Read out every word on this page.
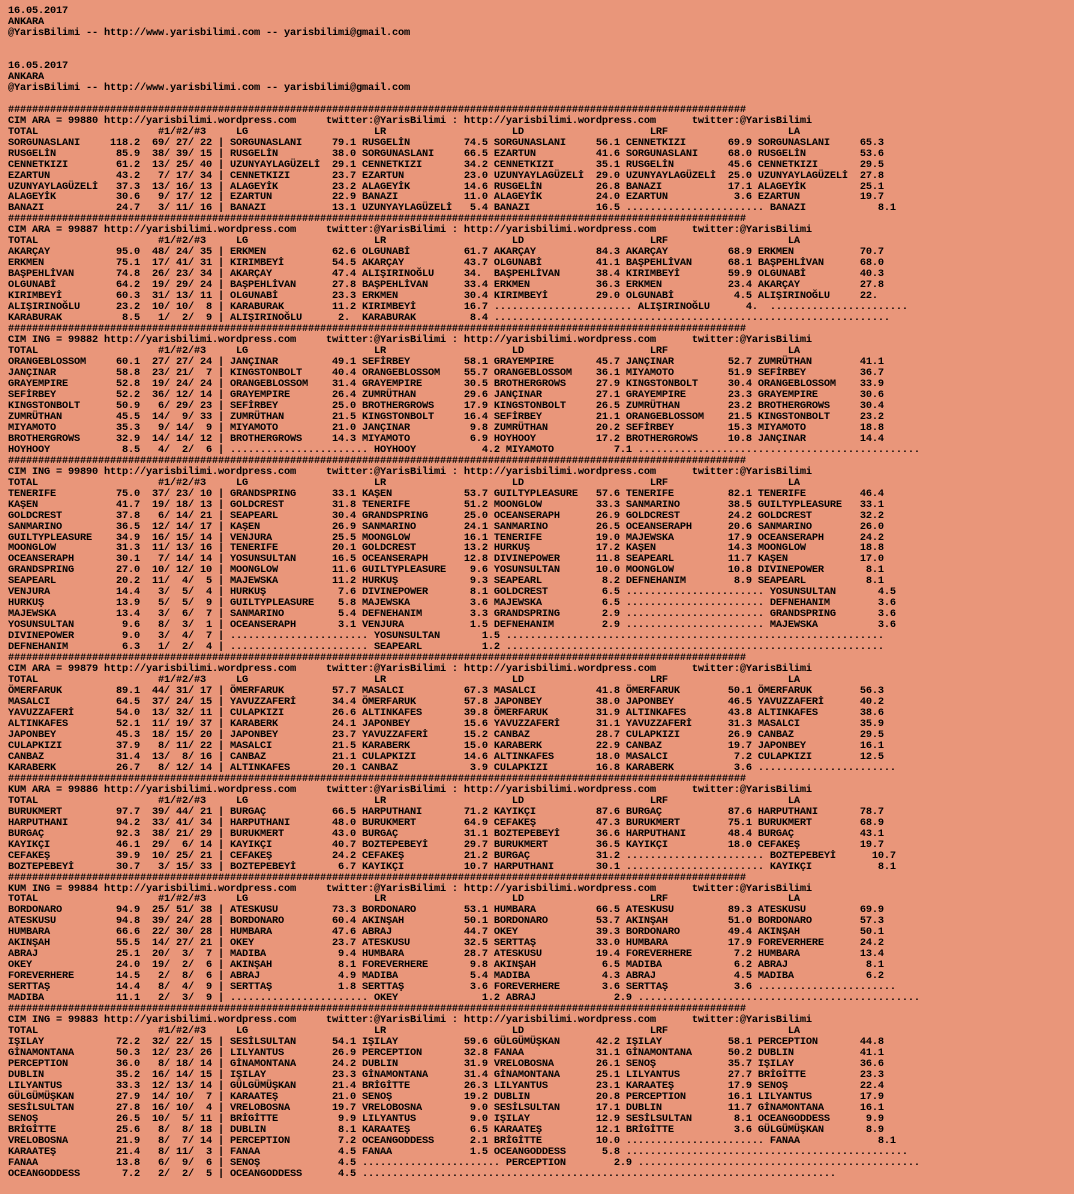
16.05.2017
ANKARA
@YarisBilimi -- http://www.yarisbilimi.com -- yarisbilimi@gmail.com

16.05.2017
ANKARA
@YarisBilimi -- http://www.yarisbilimi.com -- yarisbilimi@gmail.com

###########################################################################################################################
CIM ARA = 99880 http://yarisbilimi.wordpress.com     twitter:@YarisBilimi : http://yarisbilimi.wordpress.com      twitter:@YarisBilimi
TOTAL                    #1/#2/#3     LG                     LR                     LD                     LRF                    LA
SORGUNASLANI     118.2  69/ 27/ 22 | SORGUNASLANI     79.1 RUSGELİN         74.5 SORGUNASLANI     56.1 CENNETKIZI       69.9 SORGUNASLANI     65.3
RUSGELİN          85.9  38/ 39/ 15 | RUSGELİN         38.0 SORGUNASLANI     66.5 EZARTUN          41.6 SORGUNASLANI     68.0 RUSGELİN         53.6
CENNETKIZI        61.2  13/ 25/ 40 | UZUNYAYLAGÜZELİ  29.1 CENNETKIZI       34.2 CENNETKIZI       35.1 RUSGELİN         45.6 CENNETKIZI       29.5
EZARTUN           43.2   7/ 17/ 34 | CENNETKIZI       23.7 EZARTUN          23.0 UZUNYAYLAGÜZELİ  29.0 UZUNYAYLAGÜZELİ  25.0 UZUNYAYLAGÜZELİ  27.8
UZUNYAYLAGÜZELİ   37.3  13/ 16/ 13 | ALAGEYİK         23.2 ALAGEYİK         14.6 RUSGELİN         26.8 BANAZI           17.1 ALAGEYİK         25.1
ALAGEYİK          30.6   9/ 17/ 12 | EZARTUN          22.9 BANAZI           11.0 ALAGEYİK         24.0 EZARTUN           3.6 EZARTUN          19.7
BANAZI            24.7   3/ 11/ 16 | BANAZI           13.1 UZUNYAYLAGÜZELİ   5.4 BANAZI           16.5 ....................... BANAZI            8.1
###########################################################################################################################
CIM ARA = 99887 http://yarisbilimi.wordpress.com     twitter:@YarisBilimi : http://yarisbilimi.wordpress.com      twitter:@YarisBilimi
TOTAL                    #1/#2/#3     LG                     LR                     LD                     LRF                    LA
AKARÇAY           95.0  48/ 24/ 35 | ERKMEN           62.6 OLGUNABİ         61.7 AKARÇAY          84.3 AKARÇAY          68.9 ERKMEN           70.7
ERKMEN            75.1  17/ 41/ 31 | KIRIMBEYİ        54.5 AKARÇAY          43.7 OLGUNABİ         41.1 BAŞPEHLİVAN      68.1 BAŞPEHLİVAN      68.0
BAŞPEHLİVAN       74.8  26/ 23/ 34 | AKARÇAY          47.4 ALIŞIRINOĞLU     34.  BAŞPEHLİVAN      38.4 KIRIMBEYİ        59.9 OLGUNABİ         40.3
OLGUNABİ          64.2  19/ 29/ 24 | BAŞPEHLİVAN      27.8 BAŞPEHLİVAN      33.4 ERKMEN           36.3 ERKMEN           23.4 AKARÇAY          27.8
KIRIMBEYİ         60.3  31/ 13/ 11 | OLGUNABİ         23.3 ERKMEN           30.4 KIRIMBEYİ        29.0 OLGUNABİ          4.5 ALIŞIRINOĞLU     22.
ALIŞIRINOĞLU      23.2  10/ 10/  8 | KARABURAK        11.2 KIRIMBEYİ        16.7 ....................... ALIŞIRINOĞLU      4.  .......................
KARABURAK          8.5   1/  2/  9 | ALIŞIRINOĞLU      2.  KARABURAK         8.4 ..................................................................
###########################################################################################################################
CIM ING = 99882 http://yarisbilimi.wordpress.com     twitter:@YarisBilimi : http://yarisbilimi.wordpress.com      twitter:@YarisBilimi
TOTAL                    #1/#2/#3     LG                     LR                     LD                     LRF                    LA
ORANGEBLOSSOM     60.1  27/ 27/ 24 | JANÇINAR         49.1 SEFİRBEY         58.1 GRAYEMPIRE       45.7 JANÇINAR         52.7 ZUMRÜTHAN        41.1
JANÇINAR          58.8  23/ 21/  7 | KINGSTONBOLT     40.4 ORANGEBLOSSOM    55.7 ORANGEBLOSSOM    36.1 MIYAMOTO         51.9 SEFİRBEY         36.7
GRAYEMPIRE        52.8  19/ 24/ 24 | ORANGEBLOSSOM    31.4 GRAYEMPIRE       30.5 BROTHERGROWS     27.9 KINGSTONBOLT     30.4 ORANGEBLOSSOM    33.9
SEFİRBEY          52.2  36/ 12/ 14 | GRAYEMPIRE       26.4 ZUMRÜTHAN        29.6 JANÇINAR         27.1 GRAYEMPIRE       23.3 GRAYEMPIRE       30.6
KINGSTONBOLT      50.9   6/ 29/ 23 | SEFİRBEY         25.0 BROTHERGROWS     17.9 KINGSTONBOLT     26.5 ZUMRÜTHAN        23.2 BROTHERGROWS     30.4
ZUMRÜTHAN         45.5  14/  9/ 33 | ZUMRÜTHAN        21.5 KINGSTONBOLT     16.4 SEFİRBEY         21.1 ORANGEBLOSSOM    21.5 KINGSTONBOLT     23.2
MIYAMOTO          35.3   9/ 14/  9 | MIYAMOTO         21.0 JANÇINAR          9.8 ZUMRÜTHAN        20.2 SEFİRBEY         15.3 MIYAMOTO         18.8
BROTHERGROWS      32.9  14/ 14/ 12 | BROTHERGROWS     14.3 MIYAMOTO          6.9 HOYHOOY          17.2 BROTHERGROWS     10.8 JANÇINAR         14.4
HOYHOOY            8.5   4/  2/  6 | ....................... HOYHOOY           4.2 MIYAMOTO          7.1 ...............................................
###########################################################################################################################
CIM ING = 99890 http://yarisbilimi.wordpress.com     twitter:@YarisBilimi : http://yarisbilimi.wordpress.com      twitter:@YarisBilimi
TOTAL                    #1/#2/#3     LG                     LR                     LD                     LRF                    LA
TENERIFE          75.0  37/ 23/ 10 | GRANDSPRING      33.1 KAŞEN            53.7 GUILTYPLEASURE   57.6 TENERIFE         82.1 TENERIFE         46.4
KAŞEN             41.7  19/ 18/ 13 | GOLDCREST        31.8 TENERIFE         51.2 MOONGLOW         33.3 SANMARINO        38.5 GUILTYPLEASURE   33.1
GOLDCREST         37.8   6/ 14/ 21 | SEAPEARL         30.4 GRANDSPRING      25.0 OCEANSERAPH      26.9 GOLDCREST        24.2 GOLDCREST        32.2
SANMARINO         36.5  12/ 14/ 17 | KAŞEN            26.9 SANMARINO        24.1 SANMARINO        26.5 OCEANSERAPH      20.6 SANMARINO        26.0
GUILTYPLEASURE    34.9  16/ 15/ 14 | VENJURA          25.5 MOONGLOW         16.1 TENERIFE         19.0 MAJEWSKA         17.9 OCEANSERAPH      24.2
MOONGLOW          31.3  11/ 13/ 16 | TENERIFE         20.1 GOLDCREST        13.2 HURKUŞ           17.2 KAŞEN            14.3 MOONGLOW         18.8
OCEANSERAPH       30.1   7/ 14/ 14 | YOSUNSULTAN      16.5 OCEANSERAPH      12.8 DIVINEPOWER      11.8 SEAPEARL         11.7 KAŞEN            17.0
GRANDSPRING       27.0  10/ 12/ 10 | MOONGLOW         11.6 GUILTYPLEASURE    9.6 YOSUNSULTAN      10.0 MOONGLOW         10.8 DIVINEPOWER       8.1
SEAPEARL          20.2  11/  4/  5 | MAJEWSKA         11.2 HURKUŞ            9.3 SEAPEARL          8.2 DEFNEHANIM        8.9 SEAPEARL          8.1
VENJURA           14.4   3/  5/  4 | HURKUŞ            7.6 DIVINEPOWER       8.1 GOLDCREST         6.5 ....................... YOSUNSULTAN       4.5
HURKUŞ            13.9   5/  5/  9 | GUILTYPLEASURE    5.8 MAJEWSKA          3.6 MAJEWSKA          6.5 ....................... DEFNEHANIM        3.6
MAJEWSKA          13.4   3/  6/  7 | SANMARINO         5.4 DEFNEHANIM        3.3 GRANDSPRING       2.9 ....................... GRANDSPRING       3.6
YOSUNSULTAN        9.6   8/  3/  1 | OCEANSERAPH       3.1 VENJURA           1.5 DEFNEHANIM        2.9 ....................... MAJEWSKA          3.6
DIVINEPOWER        9.0   3/  4/  7 | ....................... YOSUNSULTAN       1.5 ...............................................................
DEFNEHANIM         6.3   1/  2/  4 | ....................... SEAPEARL          1.2 ...............................................................
###########################################################################################################################
CIM ARA = 99879 http://yarisbilimi.wordpress.com     twitter:@YarisBilimi : http://yarisbilimi.wordpress.com      twitter:@YarisBilimi
TOTAL                    #1/#2/#3     LG                     LR                     LD                     LRF                    LA
ÖMERFARUK         89.1  44/ 31/ 17 | ÖMERFARUK        57.7 MASALCI          67.3 MASALCI          41.8 ÖMERFARUK        50.1 ÖMERFARUK        56.3
MASALCI           64.5  37/ 24/ 15 | YAVUZZAFERİ      34.4 ÖMERFARUK        57.8 JAPONBEY         38.0 JAPONBEY         46.5 YAVUZZAFERİ      40.2
YAVUZZAFERİ       54.0  13/ 32/ 11 | CULAPKIZI        26.6 ALTINKAFES       39.8 ÖMERFARUK        31.9 ALTINKAFES       43.8 ALTINKAFES       38.6
ALTINKAFES        52.1  11/ 19/ 37 | KARABERK         24.1 JAPONBEY         15.6 YAVUZZAFERİ      31.1 YAVUZZAFERİ      31.3 MASALCI          35.9
JAPONBEY          45.3  18/ 15/ 20 | JAPONBEY         23.7 YAVUZZAFERİ      15.2 CANBAZ           28.7 CULAPKIZI        26.9 CANBAZ           29.5
CULAPKIZI         37.9   8/ 11/ 22 | MASALCI          21.5 KARABERK         15.0 KARABERK         22.9 CANBAZ           19.7 JAPONBEY         16.1
CANBAZ            31.4  13/  8/ 16 | CANBAZ           21.1 CULAPKIZI        14.6 ALTINKAFES       18.0 MASALCI           7.2 CULAPKIZI        12.5
KARABERK          26.7   8/ 12/ 14 | ALTINKAFES       20.1 CANBAZ            3.9 CULAPKIZI        16.8 KARABERK          3.6 .......................
###########################################################################################################################
KUM ARA = 99886 http://yarisbilimi.wordpress.com     twitter:@YarisBilimi : http://yarisbilimi.wordpress.com      twitter:@YarisBilimi
TOTAL                    #1/#2/#3     LG                     LR                     LD                     LRF                    LA
BURUKMERT         97.7  39/ 44/ 21 | BURGAÇ           66.5 HARPUTHANI       71.2 KAYIKÇI          87.6 BURGAÇ           87.6 HARPUTHANI       78.7
HARPUTHANI        94.2  33/ 41/ 34 | HARPUTHANI       48.0 BURUKMERT        64.9 CEFAKEŞ          47.3 BURUKMERT        75.1 BURUKMERT        68.9
BURGAÇ            92.3  38/ 21/ 29 | BURUKMERT        43.0 BURGAÇ           31.1 BOZTEPEBEYİ      36.6 HARPUTHANI       48.4 BURGAÇ           43.1
KAYIKÇI           46.1  29/  6/ 14 | KAYIKÇI          40.7 BOZTEPEBEYİ      29.7 BURUKMERT        36.5 KAYIKÇI          18.0 CEFAKEŞ          19.7
CEFAKEŞ           39.9  10/ 25/ 21 | CEFAKEŞ          24.2 CEFAKEŞ          21.2 BURGAÇ           31.2 ....................... BOZTEPEBEYİ      10.7
BOZTEPEBEYİ       30.7   3/ 15/ 33 | BOZTEPEBEYİ       6.7 KAYIKÇI          10.7 HARPUTHANI       30.1 ....................... KAYIKÇI           8.1
###########################################################################################################################
KUM ING = 99884 http://yarisbilimi.wordpress.com     twitter:@YarisBilimi : http://yarisbilimi.wordpress.com      twitter:@YarisBilimi
TOTAL                    #1/#2/#3     LG                     LR                     LD                     LRF                    LA
BORDONARO         94.9  25/ 51/ 38 | ATESKUSU         73.3 BORDONARO        53.1 HUMBARA          66.5 ATESKUSU         89.3 ATESKUSU         69.9
ATESKUSU          94.8  39/ 24/ 28 | BORDONARO        60.4 AKINŞAH          50.1 BORDONARO        53.7 AKINŞAH          51.0 BORDONARO        57.3
HUMBARA           66.6  22/ 30/ 28 | HUMBARA          47.6 ABRAJ            44.7 OKEY             39.3 BORDONARO        49.4 AKINŞAH          50.1
AKINŞAH           55.5  14/ 27/ 21 | OKEY             23.7 ATESKUSU         32.5 SERTTAŞ          33.0 HUMBARA          17.9 FOREVERHERE      24.2
ABRAJ             25.1  20/  3/  7 | MADIBA            9.4 HUMBARA          28.7 ATESKUSU         19.4 FOREVERHERE       7.2 HUMBARA          13.4
OKEY              24.0  19/  2/  6 | AKINŞAH           8.1 FOREVERHERE       9.8 AKINŞAH           6.5 MADIBA            6.2 ABRAJ             8.1
FOREVERHERE       14.5   2/  8/  6 | ABRAJ             4.9 MADIBA            5.4 MADIBA            4.3 ABRAJ             4.5 MADIBA            6.2
SERTTAŞ           14.4   8/  4/  9 | SERTTAŞ           1.8 SERTTAŞ           3.6 FOREVERHERE       3.6 SERTTAŞ           3.6 .......................
MADIBA            11.1   2/  3/  9 | ....................... OKEY              1.2 ABRAJ             2.9 ...............................................
###########################################################################################################################
CIM ING = 99883 http://yarisbilimi.wordpress.com     twitter:@YarisBilimi : http://yarisbilimi.wordpress.com      twitter:@YarisBilimi
TOTAL                    #1/#2/#3     LG                     LR                     LD                     LRF                    LA
IŞILAY            72.2  32/ 22/ 15 | SESİLSULTAN      54.1 IŞILAY           59.6 GÜLGÜMÜŞKAN      42.2 IŞILAY           58.1 PERCEPTION       44.8
GİNAMONTANA       50.3  12/ 23/ 26 | LILYANTUS        26.9 PERCEPTION       32.8 FANAA            31.1 GİNAMONTANA      50.2 DUBLIN           41.1
PERCEPTION        36.0   8/ 18/ 14 | GİNAMONTANA      24.2 DUBLIN           31.9 VRELOBOSNA       26.1 SENOŞ            35.7 IŞILAY           36.6
DUBLIN            35.2  16/ 14/ 15 | IŞILAY           23.3 GİNAMONTANA      31.4 GİNAMONTANA      25.1 LILYANTUS        27.7 BRİGİTTE         23.3
LILYANTUS         33.3  12/ 13/ 14 | GÜLGÜMÜŞKAN      21.4 BRİGİTTE         26.3 LILYANTUS        23.1 KARAATEŞ         17.9 SENOŞ            22.4
GÜLGÜMÜŞKAN       27.9  14/ 10/  7 | KARAATEŞ         21.0 SENOŞ            19.2 DUBLIN           20.8 PERCEPTION       16.1 LILYANTUS        17.9
SESİLSULTAN       27.8  16/ 10/  4 | VRELOBOSNA       19.7 VRELOBOSNA        9.0 SESİLSULTAN      17.1 DUBLIN           11.7 GİNAMONTANA      16.1
SENOŞ             26.5  10/  5/ 11 | BRİGİTTE          9.9 LILYANTUS         9.0 IŞILAY           12.9 SESİLSULTAN       8.1 OCEANGODDESS      9.9
BRİGİTTE          25.6   8/  8/ 18 | DUBLIN            8.1 KARAATEŞ          6.5 KARAATEŞ         12.1 BRİGİTTE          3.6 GÜLGÜMÜŞKAN       8.9
VRELOBOSNA        21.9   8/  7/ 14 | PERCEPTION        7.2 OCEANGODDESS      2.1 BRİGİTTE         10.0 ....................... FANAA             8.1
KARAATEŞ          21.4   8/ 11/  3 | FANAA             4.5 FANAA             1.5 OCEANGODDESS      5.8 ...............................................
FANAA             13.8   6/  9/  6 | SENOŞ             4.5 ....................... PERCEPTION        2.9 ...............................................
OCEANGODDESS       7.2   2/  2/  5 | OCEANGODDESS      4.5 ...............................................................................
